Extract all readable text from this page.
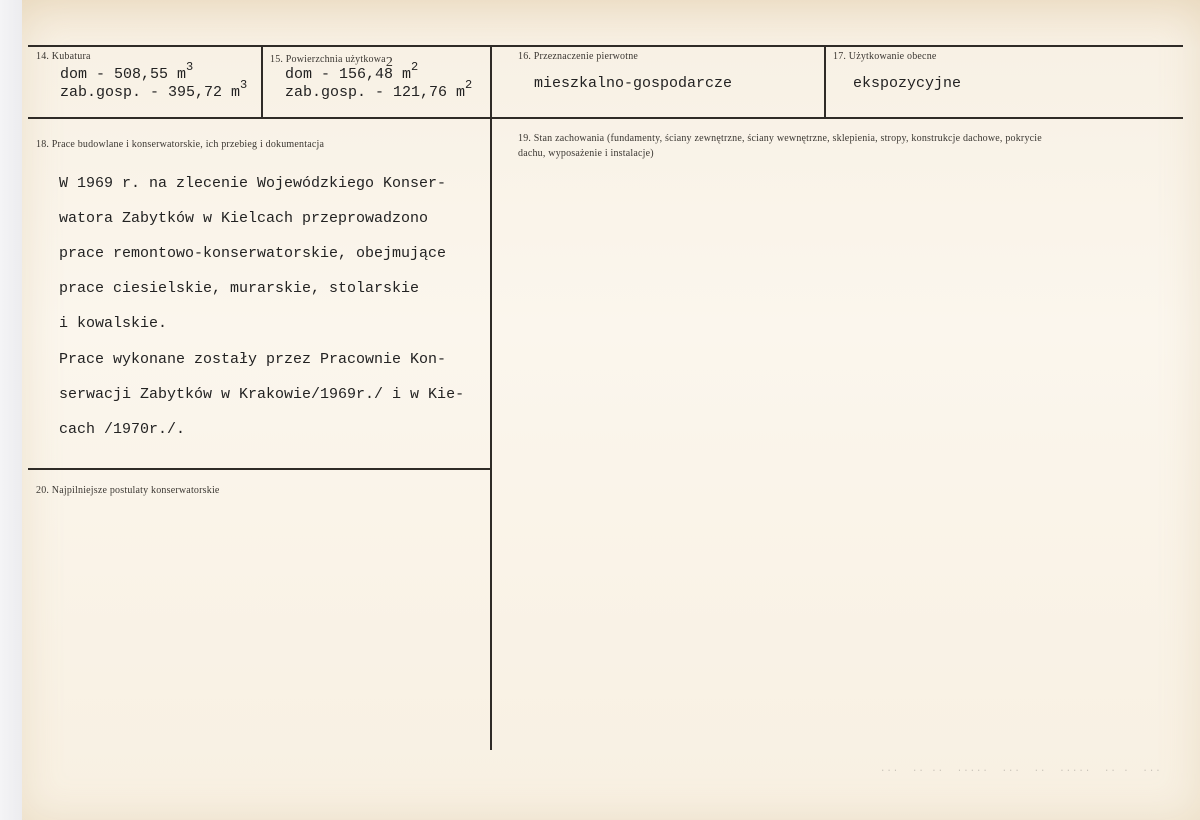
14. Kubatura
dom - 508,55 $m^3$
zab.gosp. - 395,72 $m^3$
15. Powierzchnia użytkowa2
dom - 156,48 $m^2$
zab.gosp. - 121,76 $m^2$
16. Przeznaczenie pierwotne
mieszkalno-gospodarcze
17. Użytkowanie obecne
ekspozycyjne
18. Prace budowlane i konserwatorskie, ich przebieg i dokumentacja

W 1969 r. na zlecenie Wojewódzkiego Konser-

watora Zabytków w Kielcach przeprowadzono

prace remontowo-konserwatorskie, obejmujące

prace ciesielskie, murarskie, stolarskie

i kowalskie.

Prace wykonane zostały przez Pracownie Kon-

serwacji Zabytków w Krakowie/1969r./ i w Kie-

cach /1970r./.

19. Stan zachowania (fundamenty, ściany zewnętrzne, ściany wewnętrzne, sklepienia, stropy, konstrukcje dachowe, pokrycie dachu, wyposażenie i instalacje)
20. Najpilniejsze postulaty konserwatorskie
···  ·· ··  ·····  ···  ··  ·····  ·· ·  ···
